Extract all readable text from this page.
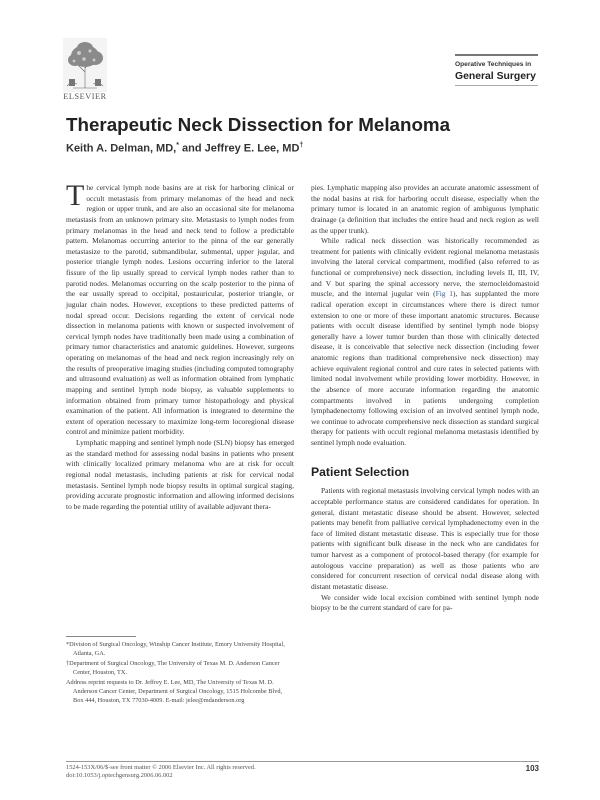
ELSEVIER
Operative Techniques in
General Surgery
Therapeutic Neck Dissection for Melanoma
Keith A. Delman, MD,* and Jeffrey E. Lee, MD†

The cervical lymph node basins are at risk for harboring clinical or occult metastasis from primary melanomas of the head and neck region or upper trunk, and are also an occasional site for melanoma metastasis from an unknown primary site. Metastasis to lymph nodes from primary melanomas in the head and neck tend to follow a predictable pattern. Melanomas occurring anterior to the pinna of the ear generally metastasize to the parotid, submandibular, submental, upper jugular, and posterior triangle lymph nodes. Lesions occurring inferior to the lateral fissure of the lip usually spread to cervical lymph nodes rather than to parotid nodes. Melanomas occurring on the scalp posterior to the pinna of the ear usually spread to occipital, postauricular, posterior triangle, or jugular chain nodes. However, exceptions to these predicted patterns of nodal spread occur. Decisions regarding the extent of cervical node dissection in melanoma patients with known or suspected involvement of cervical lymph nodes have traditionally been made using a combination of primary tumor characteristics and anatomic guidelines. However, surgeons operating on melanomas of the head and neck region increasingly rely on the results of preoperative imaging studies (including computed tomography and ultrasound evaluation) as well as information obtained from lymphatic mapping and sentinel lymph node biopsy, as valuable supplements to information obtained from primary tumor histopathology and physical examination of the patient. All information is integrated to determine the extent of operation necessary to maximize long-term locoregional disease control and minimize patient morbidity.

Lymphatic mapping and sentinel lymph node (SLN) biopsy has emerged as the standard method for assessing nodal basins in patients who present with clinically localized primary melanoma who are at risk for occult regional nodal metastasis, including patients at risk for cervical nodal metastasis. Sentinel lymph node biopsy results in optimal surgical staging, providing accurate prognostic information and allowing informed decisions to be made regarding the potential utility of available adjuvant thera-

pies. Lymphatic mapping also provides an accurate anatomic assessment of the nodal basins at risk for harboring occult disease, especially when the primary tumor is located in an anatomic region of ambiguous lymphatic drainage (a definition that includes the entire head and neck region as well as the upper trunk).

While radical neck dissection was historically recommended as treatment for patients with clinically evident regional melanoma metastasis involving the lateral cervical compartment, modified (also referred to as functional or comprehensive) neck dissection, including levels II, III, IV, and V but sparing the spinal accessory nerve, the sternocleidomastoid muscle, and the internal jugular vein (Fig 1), has supplanted the more radical operation except in circumstances where there is direct tumor extension to one or more of these important anatomic structures. Because patients with occult disease identified by sentinel lymph node biopsy generally have a lower tumor burden than those with clinically detected disease, it is conceivable that selective neck dissection (including fewer anatomic regions than traditional comprehensive neck dissection) may achieve equivalent regional control and cure rates in selected patients with limited nodal involvement while providing lower morbidity. However, in the absence of more accurate information regarding the anatomic compartments involved in patients undergoing completion lymphadenectomy following excision of an involved sentinel lymph node, we continue to advocate comprehensive neck dissection as standard surgical therapy for patients with occult regional melanoma metastasis identified by sentinel lymph node evaluation.

Patient Selection

Patients with regional metastasis involving cervical lymph nodes with an acceptable performance status are considered candidates for operation. In general, distant metastatic disease should be absent. However, selected patients may benefit from palliative cervical lymphadenectomy even in the face of limited distant metastatic disease. This is especially true for those patients with significant bulk disease in the neck who are candidates for tumor harvest as a component of protocol-based therapy (for example for autologous vaccine preparation) as well as those patients who are considered for concurrent resection of cervical nodal disease along with distant metastatic disease.

We consider wide local excision combined with sentinel lymph node biopsy to be the current standard of care for pa-

*Division of Surgical Oncology, Winship Cancer Institute, Emory University Hospital, Atlanta, GA.

†Department of Surgical Oncology, The University of Texas M. D. Anderson Cancer Center, Houston, TX.

Address reprint requests to Dr. Jeffrey E. Lee, MD, The University of Texas M. D. Anderson Cancer Center, Department of Surgical Oncology, 1515 Holcombe Blvd, Box 444, Houston, TX 77030-4009. E-mail: jelee@mdanderson.org

1524-153X/06/$-see front matter © 2006 Elsevier Inc. All rights reserved.
doi:10.1053/j.optechgensurg.2006.06.002
103
